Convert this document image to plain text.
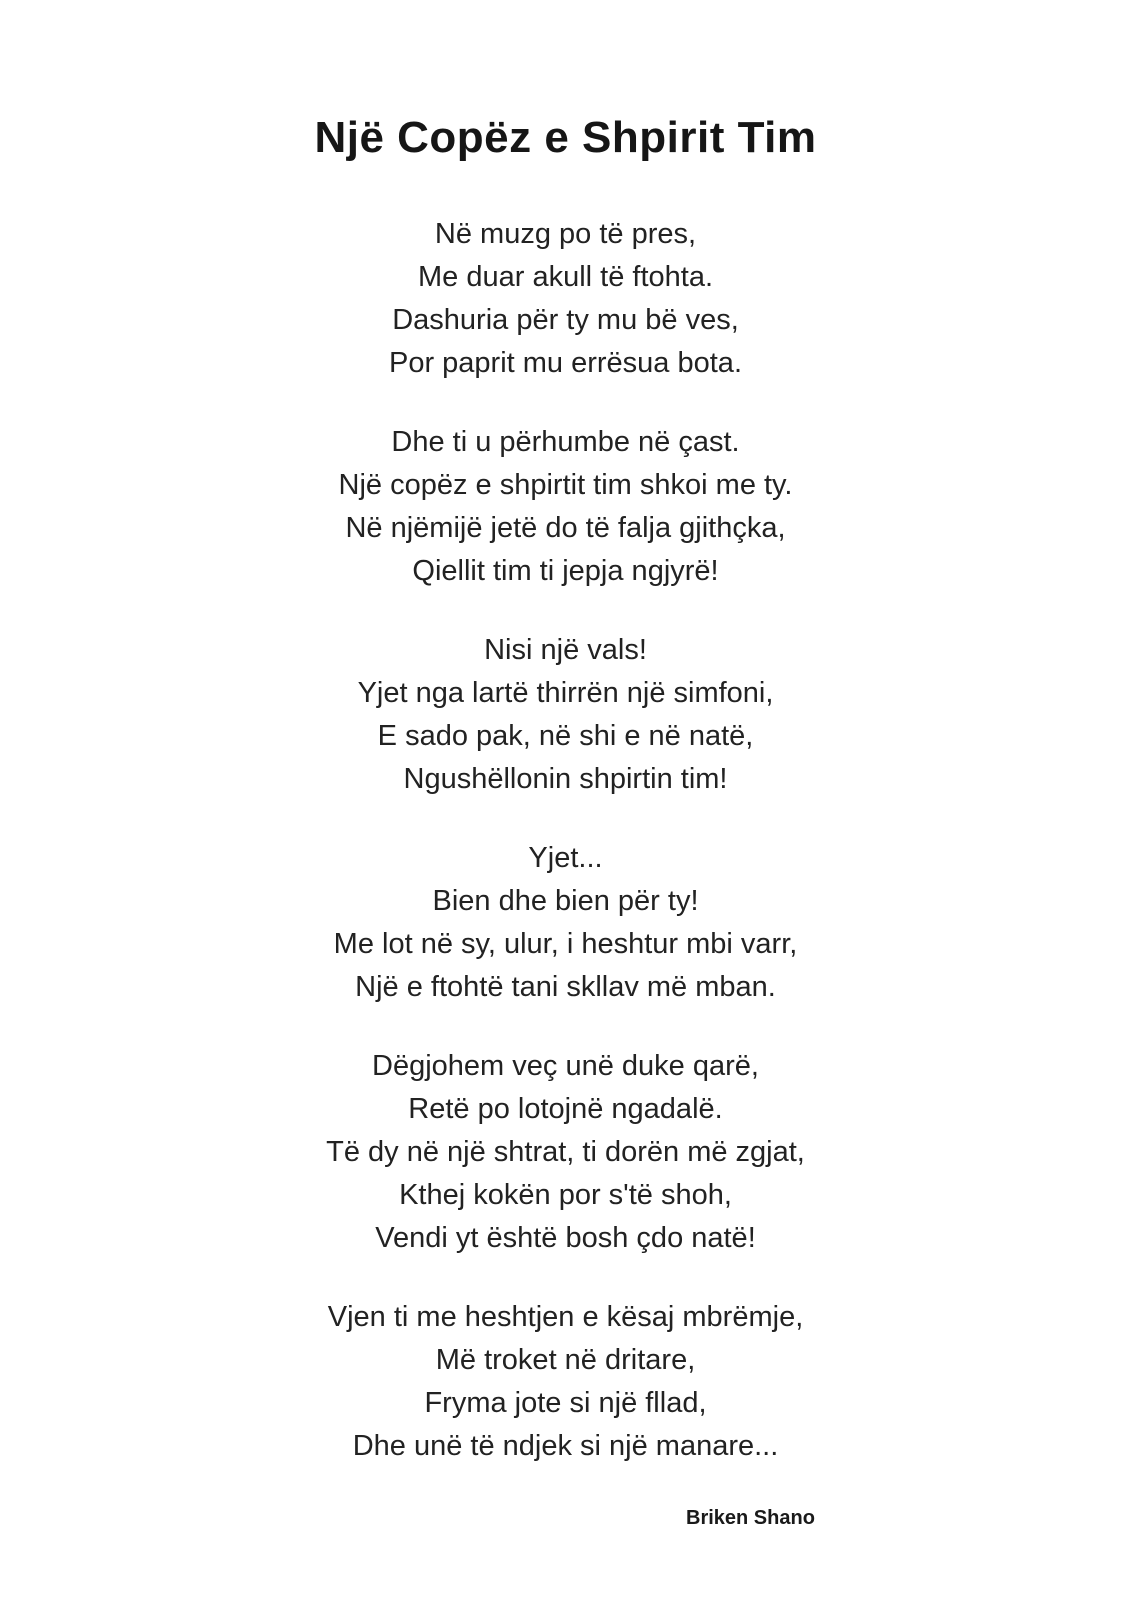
Një Copëz e Shpirit Tim

Në muzg po të pres,

Me duar akull të ftohta.

Dashuria për ty mu bë ves,

Por paprit mu errësua bota.

Dhe ti u përhumbe në çast.

Një copëz e shpirtit tim shkoi me ty.

Në njëmijë jetë do të falja gjithçka,

Qiellit tim ti jepja ngjyrë!

Nisi një vals!

Yjet nga lartë thirrën një simfoni,

E sado pak, në shi e në natë,

Ngushëllonin shpirtin tim!

Yjet...

Bien dhe bien për ty!

Me lot në sy, ulur, i heshtur mbi varr,

Një e ftohtë tani skllav më mban.

Dëgjohem veç unë duke qarë,

Retë po lotojnë ngadalë.

Të dy në një shtrat, ti dorën më zgjat,

Kthej kokën por s'të shoh,

Vendi yt është bosh çdo natë!

Vjen ti me heshtjen e kësaj mbrëmje,

Më troket në dritare,

Fryma jote si një fllad,

Dhe unë të ndjek si një manare...

Briken Shano
